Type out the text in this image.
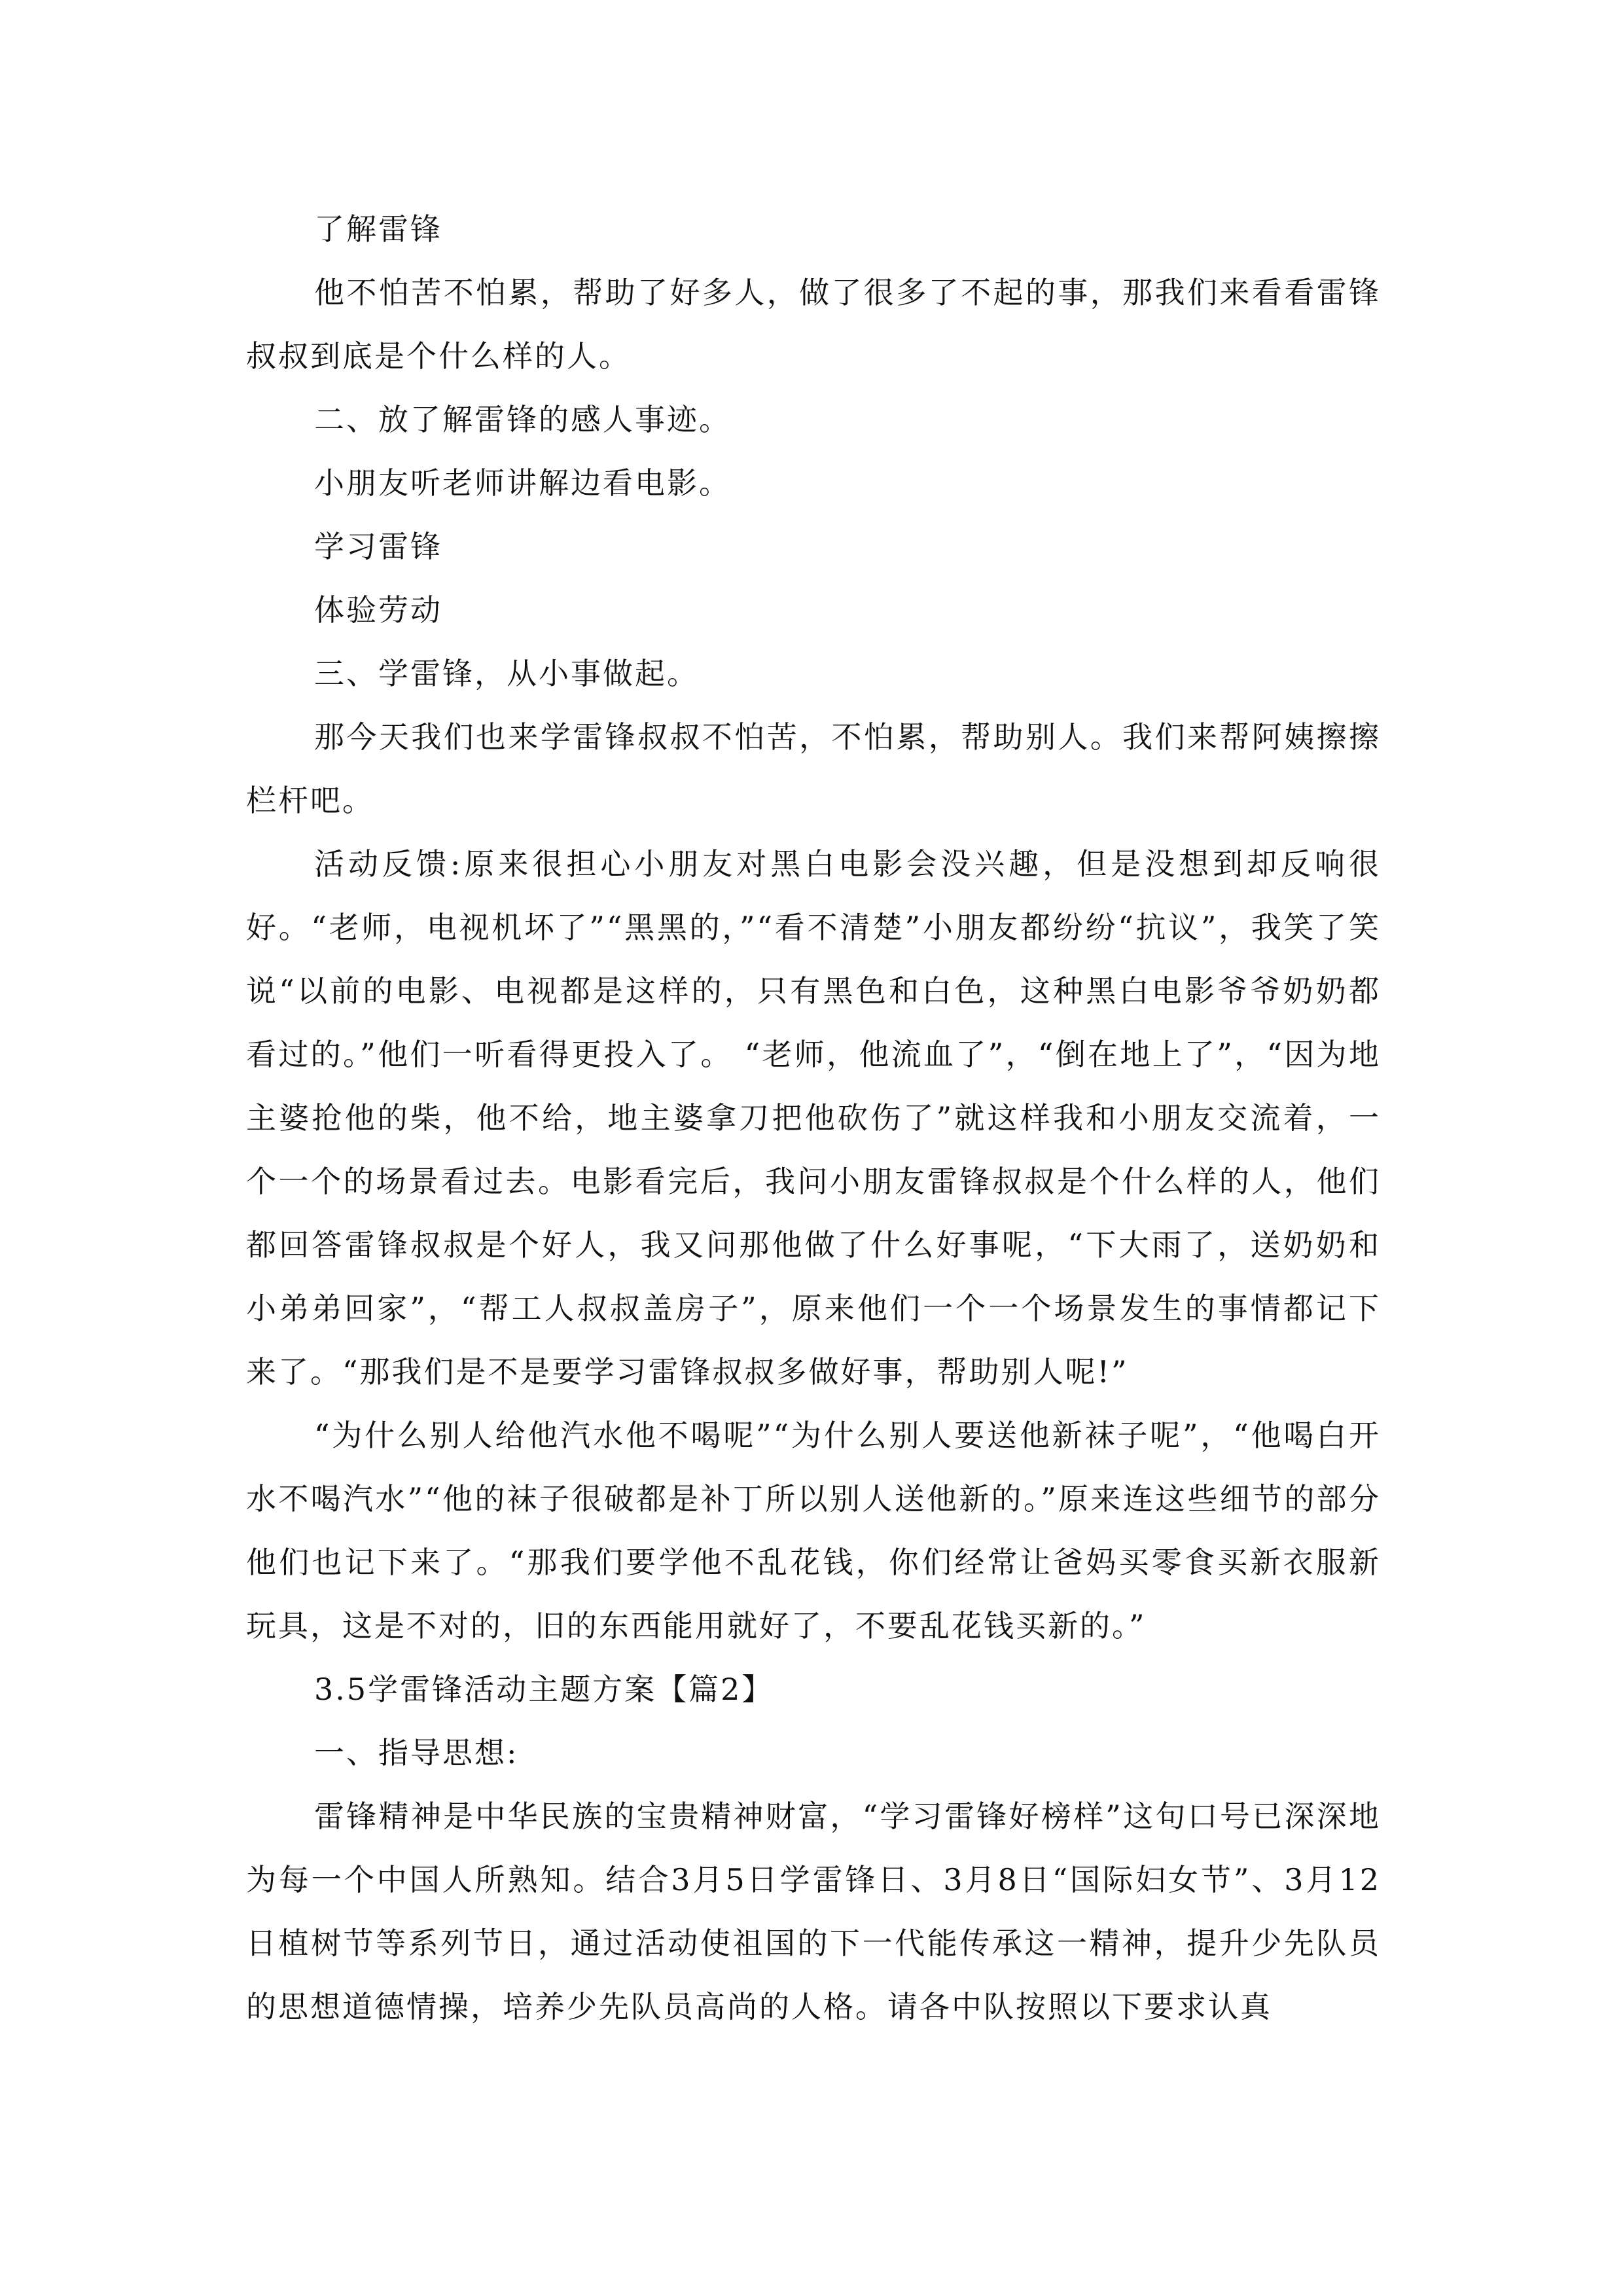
了解雷锋

他不怕苦不怕累，帮助了好多人，做了很多了不起的事，那我们来看看雷锋叔叔到底是个什么样的人。

二、放了解雷锋的感人事迹。

小朋友听老师讲解边看电影。

学习雷锋

体验劳动

三、学雷锋，从小事做起。

那今天我们也来学雷锋叔叔不怕苦，不怕累，帮助别人。我们来帮阿姨擦擦栏杆吧。

活动反馈:原来很担心小朋友对黑白电影会没兴趣，但是没想到却反响很好。“老师，电视机坏了”“黑黑的，”“看不清楚”小朋友都纷纷“抗议”，我笑了笑说“以前的电影、电视都是这样的，只有黑色和白色，这种黑白电影爷爷奶奶都看过的。”他们一听看得更投入了。 “老师，他流血了”，“倒在地上了”，“因为地主婆抢他的柴，他不给，地主婆拿刀把他砍伤了”就这样我和小朋友交流着，一个一个的场景看过去。电影看完后，我问小朋友雷锋叔叔是个什么样的人，他们都回答雷锋叔叔是个好人，我又问那他做了什么好事呢，“下大雨了，送奶奶和小弟弟回家”，“帮工人叔叔盖房子”，原来他们一个一个场景发生的事情都记下来了。“那我们是不是要学习雷锋叔叔多做好事，帮助别人呢!”

“为什么别人给他汽水他不喝呢”“为什么别人要送他新袜子呢”，“他喝白开水不喝汽水”“他的袜子很破都是补丁所以别人送他新的。”原来连这些细节的部分他们也记下来了。“那我们要学他不乱花钱，你们经常让爸妈买零食买新衣服新玩具，这是不对的，旧的东西能用就好了，不要乱花钱买新的。”

3.5学雷锋活动主题方案【篇2】

一、指导思想:

雷锋精神是中华民族的宝贵精神财富，“学习雷锋好榜样”这句口号已深深地为每一个中国人所熟知。结合3月5日学雷锋日、3月8日“国际妇女节”、3月12日植树节等系列节日，通过活动使祖国的下一代能传承这一精神，提升少先队员的思想道德情操，培养少先队员高尚的人格。请各中队按照以下要求认真
